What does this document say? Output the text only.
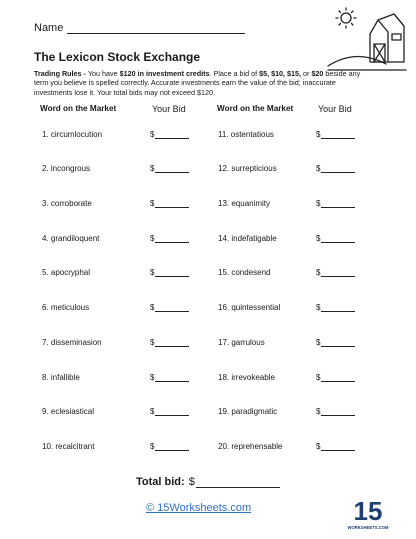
Name
The Lexicon Stock Exchange
Trading Rules - You have $120 in investment credits. Place a bid of $5, $10, $15, or $20 beside any term you believe is spelled correctly. Accurate investments earn the value of the bid; inaccurate investments lose it. Your total bids may not exceed $120.
Word on the Market	Your Bid	Word on the Market	Your Bid
1. circumlocution	$
2. incongrous	$
3. corroborate	$
4. grandiloquent	$
5. apocryphal	$
6. meticulous	$
7. disseminasion	$
8. infallible	$
9. eclesiastical	$
10. recalcitrant	$
11. ostentatious	$
12. surrepticious	$
13. equanimity	$
14. indefatigable	$
15. condesend	$
16. quintessential	$
17. garrulous	$
18. irrevokeable	$
19. paradigmatic	$
20. reprehensable	$
Total bid: $
© 15Worksheets.com	15
WORKSHEETS.COM
